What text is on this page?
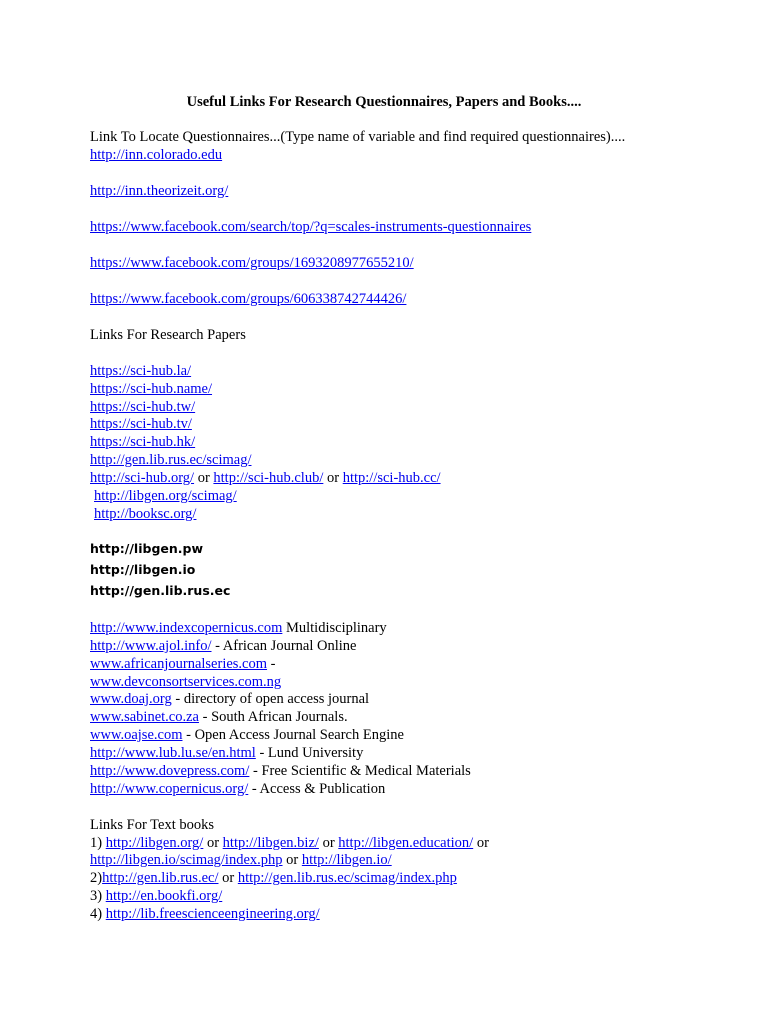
Useful Links For Research Questionnaires, Papers and Books....
Link To Locate Questionnaires...(Type name of variable and find required questionnaires)....
http://inn.colorado.edu
http://inn.theorizeit.org/
https://www.facebook.com/search/top/?q=scales-instruments-questionnaires
https://www.facebook.com/groups/1693208977655210/
https://www.facebook.com/groups/606338742744426/
Links For Research Papers
https://sci-hub.la/
https://sci-hub.name/
https://sci-hub.tw/
https://sci-hub.tv/
https://sci-hub.hk/
http://gen.lib.rus.ec/scimag/
http://sci-hub.org/ or http://sci-hub.club/ or http://sci-hub.cc/
http://libgen.org/scimag/
http://booksc.org/
http://libgen.pw
http://libgen.io
http://gen.lib.rus.ec
http://www.indexcopernicus.com Multidisciplinary
http://www.ajol.info/ - African Journal Online
www.africanjournalseries.com -
www.devconsortservices.com.ng
www.doaj.org - directory of open access journal
www.sabinet.co.za - South African Journals.
www.oajse.com - Open Access Journal Search Engine
http://www.lub.lu.se/en.html - Lund University
http://www.dovepress.com/ - Free Scientific & Medical Materials
http://www.copernicus.org/ - Access & Publication
Links For Text books
1) http://libgen.org/ or http://libgen.biz/ or http://libgen.education/ or
http://libgen.io/scimag/index.php or http://libgen.io/
2)http://gen.lib.rus.ec/ or http://gen.lib.rus.ec/scimag/index.php
3) http://en.bookfi.org/
4) http://lib.freescienceengineering.org/
